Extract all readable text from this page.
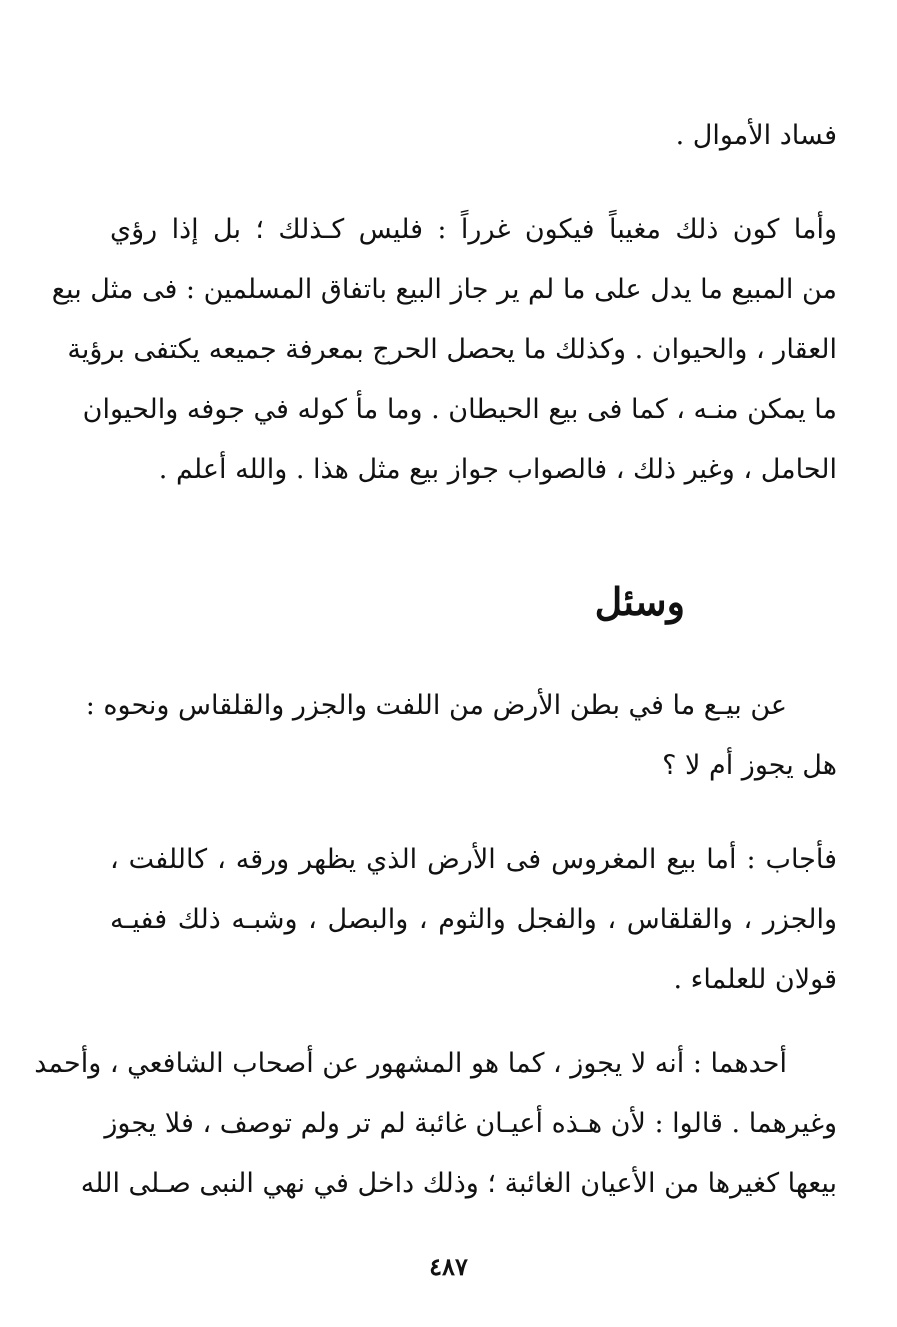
فساد الأموال .
وأما كون ذلك مغيباً فيكون غرراً : فليس كـذلك ؛ بل إذا رؤي
من المبيع ما يدل على ما لم ير جاز البيع باتفاق المسلمين : فى مثل بيع
العقار ، والحيوان . وكذلك ما يحصل الحرج بمعرفة جميعه يكتفى برؤية
ما يمكن منـه ، كما فى بيع الحيطان . وما مأ كوله في جوفه والحيوان
الحامل ، وغير ذلك ، فالصواب جواز بيع مثل هذا . والله أعلم .
وسئل
عن بيـع ما في بطن الأرض من اللفت والجزر والقلقاس ونحوه :
هل يجوز أم لا ؟
فأجاب : أما بيع المغروس فى الأرض الذي يظهر ورقه ، كاللفت ،
والجزر ، والقلقاس ، والفجل والثوم ، والبصل ، وشبـه ذلك ففيـه
قولان للعلماء .
أحدهما : أنه لا يجوز ، كما هو المشهور عن أصحاب الشافعي ، وأحمد
وغيرهما . قالوا : لأن هـذه أعيـان غائبة لم تر ولم توصف ، فلا يجوز
بيعها كغيرها من الأعيان الغائبة ؛ وذلك داخل في نهي النبى صـلى الله
٤٨٧
